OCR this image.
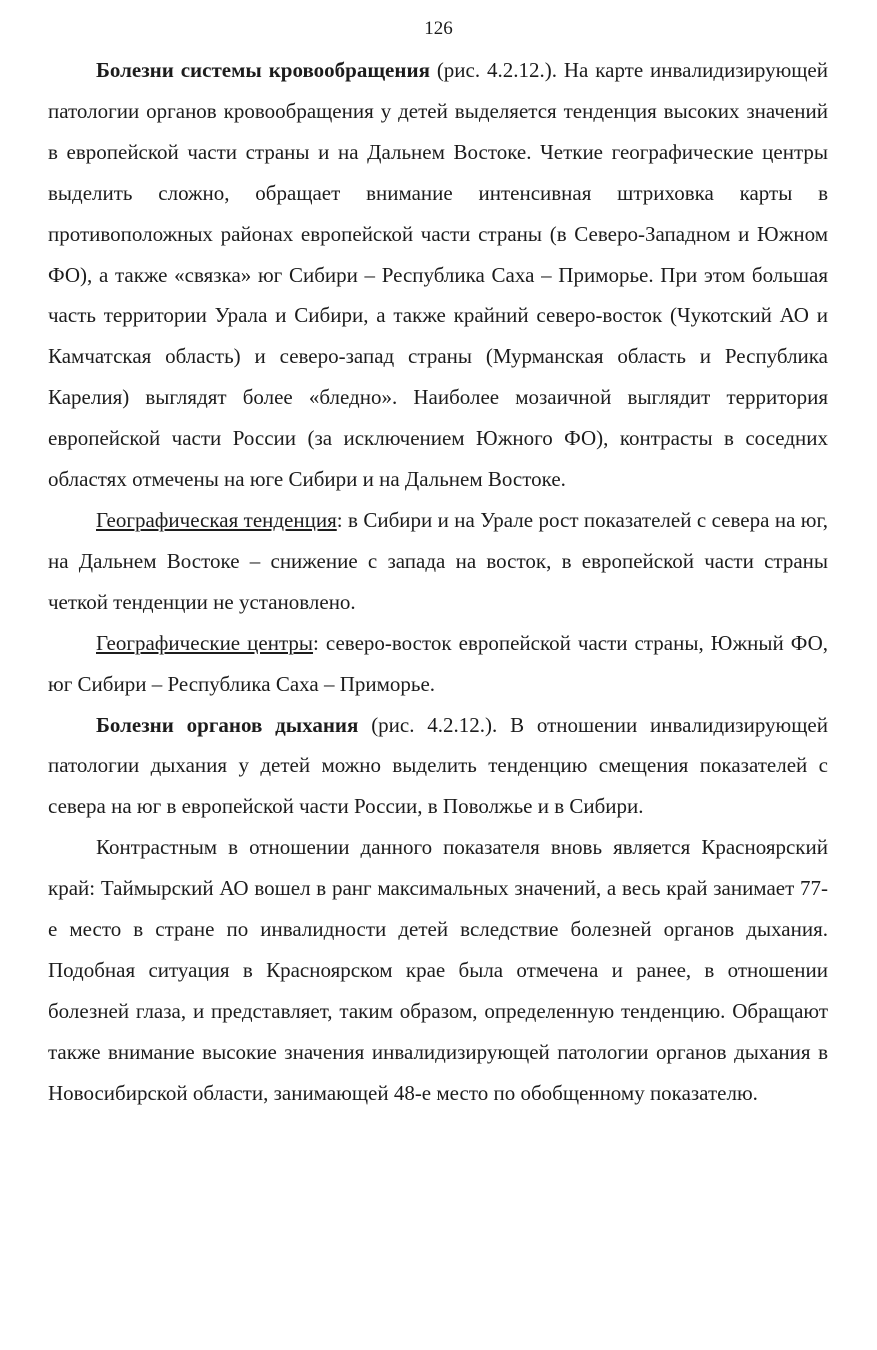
126

Болезни системы кровообращения (рис. 4.2.12.). На карте инвалидизирующей патологии органов кровообращения у детей выделяется тенденция высоких значений в европейской части страны и на Дальнем Востоке. Четкие географические центры выделить сложно, обращает внимание интенсивная штриховка карты в противоположных районах европейской части страны (в Северо-Западном и Южном ФО), а также «связка» юг Сибири – Республика Саха – Приморье. При этом большая часть территории Урала и Сибири, а также крайний северо-восток (Чукотский АО и Камчатская область) и северо-запад страны (Мурманская область и Республика Карелия) выглядят более «бледно». Наиболее мозаичной выглядит территория европейской части России (за исключением Южного ФО), контрасты в соседних областях отмечены на юге Сибири и на Дальнем Востоке.

Географическая тенденция: в Сибири и на Урале рост показателей с севера на юг, на Дальнем Востоке – снижение с запада на восток, в европейской части страны четкой тенденции не установлено.

Географические центры: северо-восток европейской части страны, Южный ФО, юг Сибири – Республика Саха – Приморье.

Болезни органов дыхания (рис. 4.2.12.). В отношении инвалидизирующей патологии дыхания у детей можно выделить тенденцию смещения показателей с севера на юг в европейской части России, в Поволжье и в Сибири.

Контрастным в отношении данного показателя вновь является Красноярский край: Таймырский АО вошел в ранг максимальных значений, а весь край занимает 77-е место в стране по инвалидности детей вследствие болезней органов дыхания. Подобная ситуация в Красноярском крае была отмечена и ранее, в отношении болезней глаза, и представляет, таким образом, определенную тенденцию. Обращают также внимание высокие значения инвалидизирующей патологии органов дыхания в Новосибирской области, занимающей 48-е место по обобщенному показателю.
